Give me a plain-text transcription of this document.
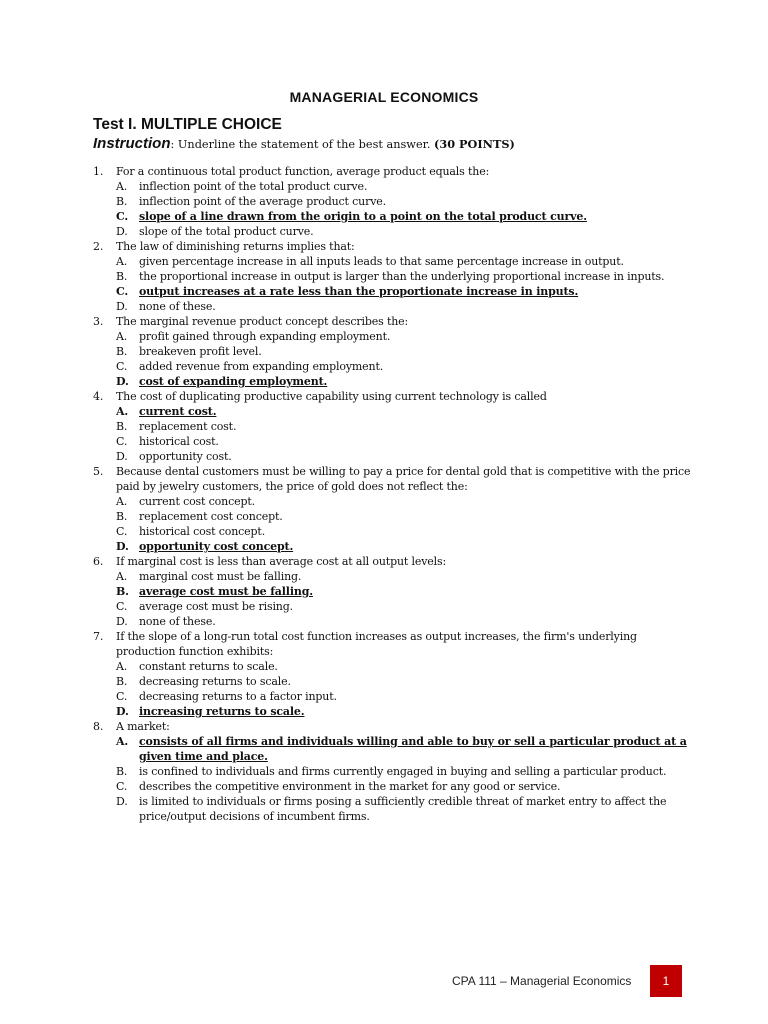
MANAGERIAL ECONOMICS
Test I. MULTIPLE CHOICE
Instruction: Underline the statement of the best answer. (30 POINTS)
1. For a continuous total product function, average product equals the:
A. inflection point of the total product curve.
B. inflection point of the average product curve.
C. slope of a line drawn from the origin to a point on the total product curve.
D. slope of the total product curve.
2. The law of diminishing returns implies that:
A. given percentage increase in all inputs leads to that same percentage increase in output.
B. the proportional increase in output is larger than the underlying proportional increase in inputs.
C. output increases at a rate less than the proportionate increase in inputs.
D. none of these.
3. The marginal revenue product concept describes the:
A. profit gained through expanding employment.
B. breakeven profit level.
C. added revenue from expanding employment.
D. cost of expanding employment.
4. The cost of duplicating productive capability using current technology is called
A. current cost.
B. replacement cost.
C. historical cost.
D. opportunity cost.
5. Because dental customers must be willing to pay a price for dental gold that is competitive with the price paid by jewelry customers, the price of gold does not reflect the:
A. current cost concept.
B. replacement cost concept.
C. historical cost concept.
D. opportunity cost concept.
6. If marginal cost is less than average cost at all output levels:
A. marginal cost must be falling.
B. average cost must be falling.
C. average cost must be rising.
D. none of these.
7. If the slope of a long-run total cost function increases as output increases, the firm's underlying production function exhibits:
A. constant returns to scale.
B. decreasing returns to scale.
C. decreasing returns to a factor input.
D. increasing returns to scale.
8. A market:
A. consists of all firms and individuals willing and able to buy or sell a particular product at a given time and place.
B. is confined to individuals and firms currently engaged in buying and selling a particular product.
C. describes the competitive environment in the market for any good or service.
D. is limited to individuals or firms posing a sufficiently credible threat of market entry to affect the price/output decisions of incumbent firms.
CPA 111 – Managerial Economics	1
